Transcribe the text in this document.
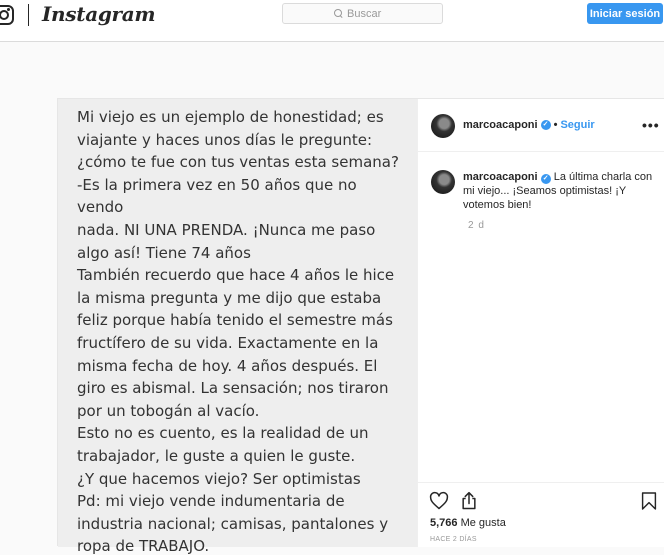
Instagram
Buscar	Iniciar sesión
Mi viejo es un ejemplo de honestidad; es
viajante y haces unos días le pregunte:
¿cómo te fue con tus ventas esta semana?
-Es la primera vez en 50 años que no vendo
nada. NI UNA PRENDA. ¡Nunca me paso
algo así! Tiene 74 años
También recuerdo que hace 4 años le hice
la misma pregunta y me dijo que estaba
feliz porque había tenido el semestre más
fructífero de su vida. Exactamente en la
misma fecha de hoy. 4 años después. El
giro es abismal. La sensación; nos tiraron
por un tobogán al vacío.
Esto no es cuento, es la realidad de un
trabajador, le guste a quien le guste.
¿Y que hacemos viejo? Ser optimistas
Pd: mi viejo vende indumentaria de
industria nacional; camisas, pantalones y
ropa de TRABAJO.
marcoacaponi ✓ • Seguir	•••
marcoacaponi ✓ La última charla con mi viejo... ¡Seamos optimistas! ¡Y votemos bien!
2 d
5,766 Me gusta
HACE 2 DÍAS
